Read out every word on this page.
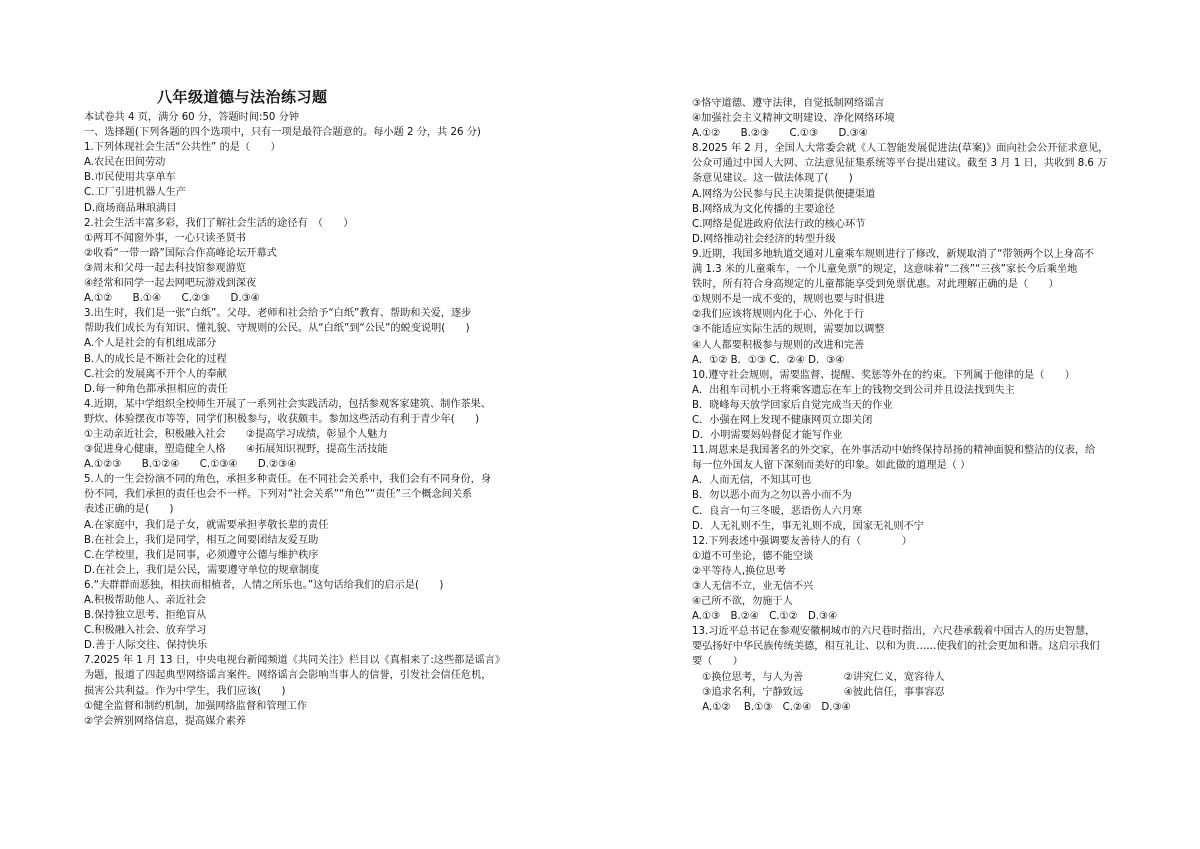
八年级道德与法治练习题
本试卷共 4 页，满分 60 分，答题时间:50 分钟
一、选择题(下列各题的四个选项中，只有一项是最符合题意的。每小题 2 分，共 26 分)
1.下列体现社会生活“公共性” 的是（　　）
A.农民在田间劳动
B.市民使用共享单车
C.工厂引进机器人生产
D.商场商品琳琅满目
2.社会生活丰富多彩，我们了解社会生活的途径有　（　　）
①两耳不闻窗外事，一心只读圣贤书
②收看“一带一路”国际合作高峰论坛开幕式
③周末和父母一起去科技馆参观游览
④经常和同学一起去网吧玩游戏到深夜
A.①②　　B.①④　　C.②③　　D.③④
3.出生时，我们是一张“白纸”。父母、老师和社会给予“白纸”教育、帮助和关爱，逐步
帮助我们成长为有知识、懂礼貌、守规则的公民。从“白纸”到“公民”的蜕变说明(　　)
A.个人是社会的有机组成部分
B.人的成长是不断社会化的过程
C.社会的发展离不开个人的奉献
D.每一种角色都承担相应的责任
4.近期，某中学组织全校师生开展了一系列社会实践活动，包括参观客家建筑、制作茶果、
野炊、体验摆夜市等等，同学们积极参与，收获颇丰。参加这些活动有利于青少年(　　)
①主动亲近社会，积极融入社会　　②提高学习成绩，彰显个人魅力
③促进身心健康，塑造健全人格　　④拓展知识视野，提高生活技能
A.①②③　　B.①②④　　C.①③④　　D.②③④
5.人的一生会扮演不同的角色，承担多种责任。在不同社会关系中，我们会有不同身份，身
份不同，我们承担的责任也会不一样。下列对“社会关系”“角色”“责任”三个概念间关系
表述正确的是(　　)
A.在家庭中，我们是子女，就需要承担孝敬长辈的责任
B.在社会上，我们是同学，相互之间要团结友爱互助
C.在学校里，我们是同事，必须遵守公德与维护秩序
D.在社会上，我们是公民，需要遵守单位的规章制度
6.“夫群群而恶独，相扶而相植者，人情之所乐也。”这句话给我们的启示是(　　)
A.积极帮助他人、亲近社会
B.保持独立思考、拒绝盲从
C.积极融入社会、放弃学习
D.善于人际交往、保持快乐
7.2025 年 1 月 13 日，中央电视台新闻频道《共同关注》栏目以《真相来了:这些都是谣言》
为题，报道了四起典型网络谣言案件。网络谣言会影响当事人的信誉，引发社会信任危机，
损害公共利益。作为中学生，我们应该(　　)
①健全监督和制约机制，加强网络监督和管理工作
②学会辨别网络信息，提高媒介素养
③恪守道德、遵守法律，自觉抵制网络谣言
④加强社会主义精神文明建设、净化网络环境
A.①②　　B.②③　　C.①③　　D.③④
8.2025 年 2 月，全国人大常委会就《人工智能发展促进法(草案)》面向社会公开征求意见，
公众可通过中国人大网、立法意见征集系统等平台提出建议。截至 3 月 1 日，共收到 8.6 万
条意见建议。这一做法体现了(　　)
A.网络为公民参与民主决策提供便捷渠道
B.网络成为文化传播的主要途径
C.网络是促进政府依法行政的核心环节
D.网络推动社会经济的转型升级
9.近期，我国多地轨道交通对儿童乘车规则进行了修改，新规取消了“带领两个以上身高不
满 1.3 米的儿童乘车，一个儿童免票”的规定，这意味着“二孩”“三孩”家长今后乘坐地
铁时，所有符合身高规定的儿童都能享受到免票优惠。对此理解正确的是（　　）
①规则不是一成不变的，规则也要与时俱进
②我们应该将规则内化于心、外化于行
③不能适应实际生活的规则，需要加以调整
④人人都要积极参与规则的改进和完善
A．①② B．①③ C．②④ D．③④
10.遵守社会规则，需要监督、提醒、奖惩等外在的约束。下列属于他律的是（　　）
A．出租车司机小王将乘客遗忘在车上的钱物交到公司并且设法找到失主
B．晓峰每天放学回家后自觉完成当天的作业
C．小强在网上发现不健康网页立即关闭
D．小明需要妈妈督促才能写作业
11.周恩来是我国著名的外交家，在外事活动中始终保持昂扬的精神面貌和整洁的仪表，给
每一位外国友人留下深刻而美好的印象。如此做的道理是（ ）
A．人而无信，不知其可也
B．勿以恶小而为之勿以善小而不为
C．良言一句三冬暖，恶语伤人六月寒
D．人无礼则不生，事无礼则不成，国家无礼则不宁
12.下列表述中强调要友善待人的有（　　　　）
①道不可坐论，德不能空谈
②平等待人,换位思考
③人无信不立，业无信不兴
④己所不欲，勿施于人
A.①③　B.②④　C.①②　D.③④
13.习近平总书记在参观安徽桐城市的六尺巷时指出，六尺巷承载着中国古人的历史智慧，
要弘扬好中华民族传统美德，相互礼让、以和为贵……使我们的社会更加和谐。这启示我们
要（　　）
　①换位思考，与人为善　　　　②讲究仁义，宽容待人
　③追求名利，宁静致远　　　　④彼此信任，事事容忍
　A.①②　 B.①③　C.②④　D.③④
